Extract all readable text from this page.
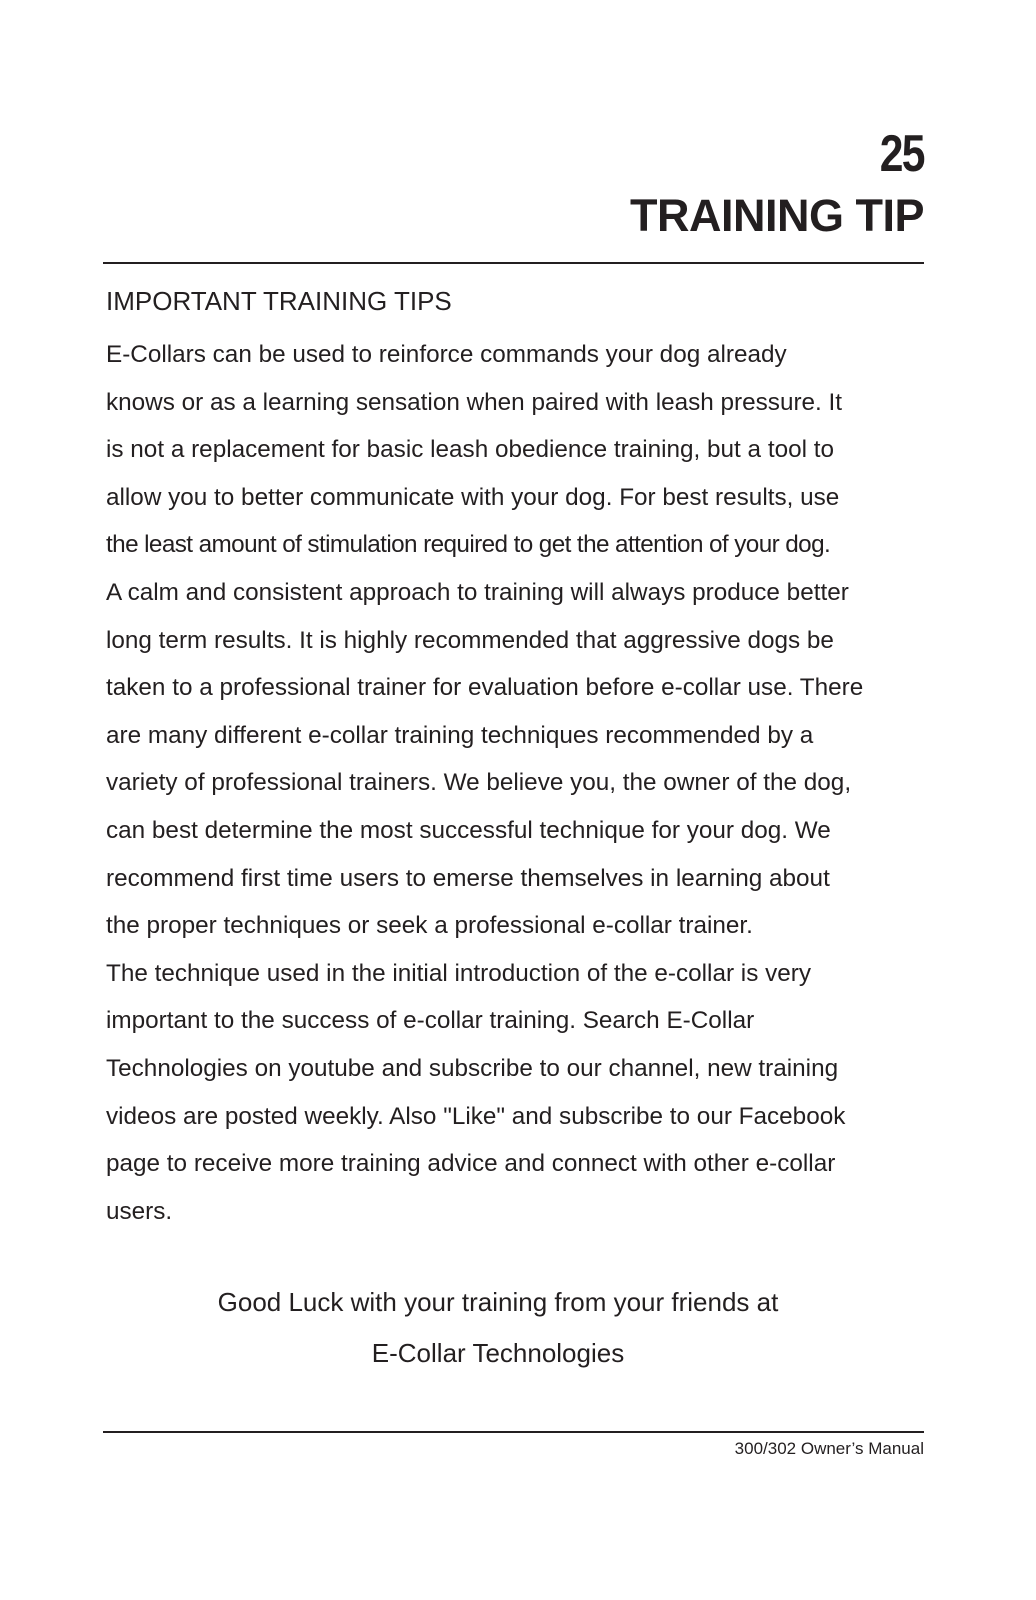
25
TRAINING TIP
IMPORTANT TRAINING TIPS
E-Collars can be used to reinforce commands your dog already
knows or as a learning sensation when paired with leash pressure. It
is not a replacement for basic leash obedience training, but a tool to
allow you to better communicate with your dog. For best results, use
the least amount of stimulation required to get the attention of your dog.
A calm and consistent approach to training will always produce better
long term results. It is highly recommended that aggressive dogs be
taken to a professional trainer for evaluation before e-collar use. There
are many different e-collar training techniques recommended by a
variety of professional trainers. We believe you, the owner of the dog,
can best determine the most successful technique for your dog. We
recommend first time users to emerse themselves in learning about
the proper techniques or seek a professional e-collar trainer.
The technique used in the initial introduction of the e-collar is very
important to the success of e-collar training. Search E-Collar
Technologies on youtube and subscribe to our channel, new training
videos are posted weekly. Also "Like" and subscribe to our Facebook
page to receive more training advice and connect with other e-collar
users.
Good Luck with your training from your friends at
E-Collar Technologies
300/302 Owner’s Manual
